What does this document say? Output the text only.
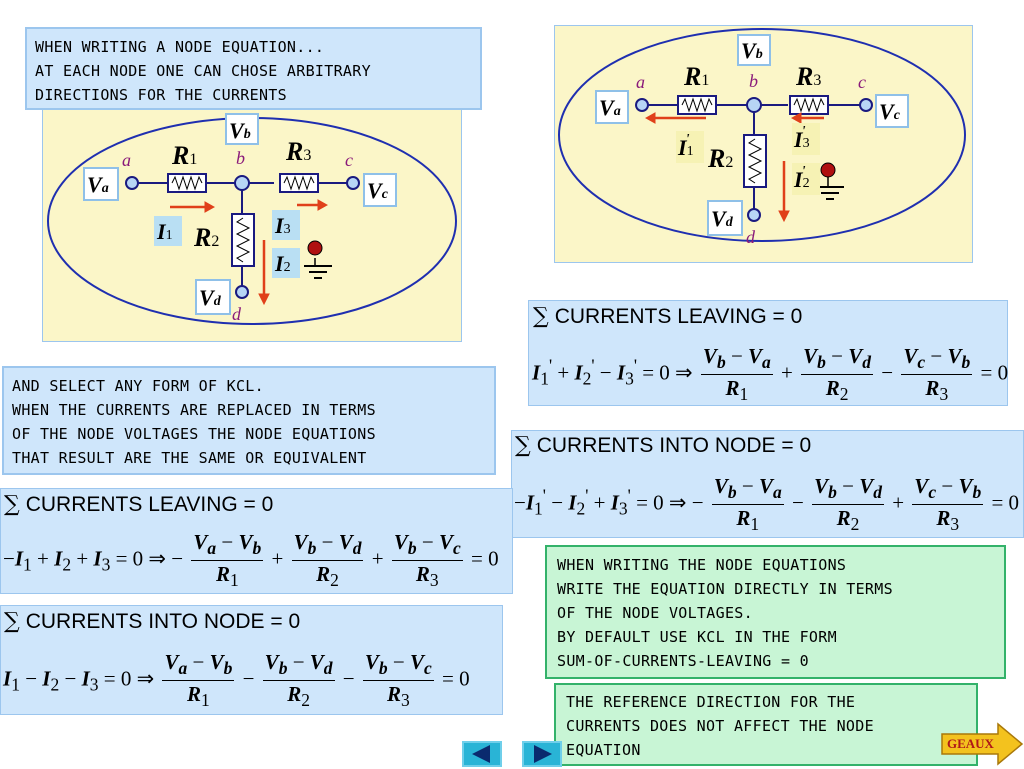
a	b	c
d
R1	R3
R2
Vb
Va	Vc
Vd
I1	I3
I2
WHEN WRITING A NODE EQUATION...
AT EACH NODE ONE CAN CHOSE ARBITRARY
DIRECTIONS FOR THE CURRENTS
a	b	c
d
R1	R3
R2
Vb
Va	Vc
Vd
I1'	I3'
I2'
∑ CURRENTS LEAVING = 0
$I_1' + I_2' - I_3' = 0$ ⇒ $\frac{V_b - V_a}{R_1} + \frac{V_b - V_d}{R_2} - \frac{V_c - V_b}{R_3} = 0$
∑ CURRENTS INTO NODE = 0
$-I_1' - I_2' + I_3' = 0$ ⇒ − $\frac{V_b - V_a}{R_1} - \frac{V_b - V_d}{R_2} + \frac{V_c - V_b}{R_3} = 0$
AND SELECT ANY FORM OF KCL.
WHEN THE CURRENTS ARE REPLACED IN TERMS
OF THE NODE VOLTAGES THE NODE EQUATIONS
THAT RESULT ARE THE SAME OR EQUIVALENT
∑ CURRENTS LEAVING = 0
$-I_1 + I_2 + I_3 = 0$ ⇒ − $\frac{V_a - V_b}{R_1} + \frac{V_b - V_d}{R_2} + \frac{V_b - V_c}{R_3} = 0$
∑ CURRENTS INTO NODE = 0
$I_1 - I_2 - I_3 = 0$ ⇒ $\frac{V_a - V_b}{R_1} - \frac{V_b - V_d}{R_2} - \frac{V_b - V_c}{R_3} = 0$
WHEN WRITING THE NODE EQUATIONS
WRITE THE EQUATION DIRECTLY IN TERMS
OF THE NODE VOLTAGES.
BY DEFAULT USE KCL IN THE FORM
SUM-OF-CURRENTS-LEAVING = 0
THE REFERENCE DIRECTION FOR THE
CURRENTS DOES NOT AFFECT THE NODE
EQUATION	GEAUX
